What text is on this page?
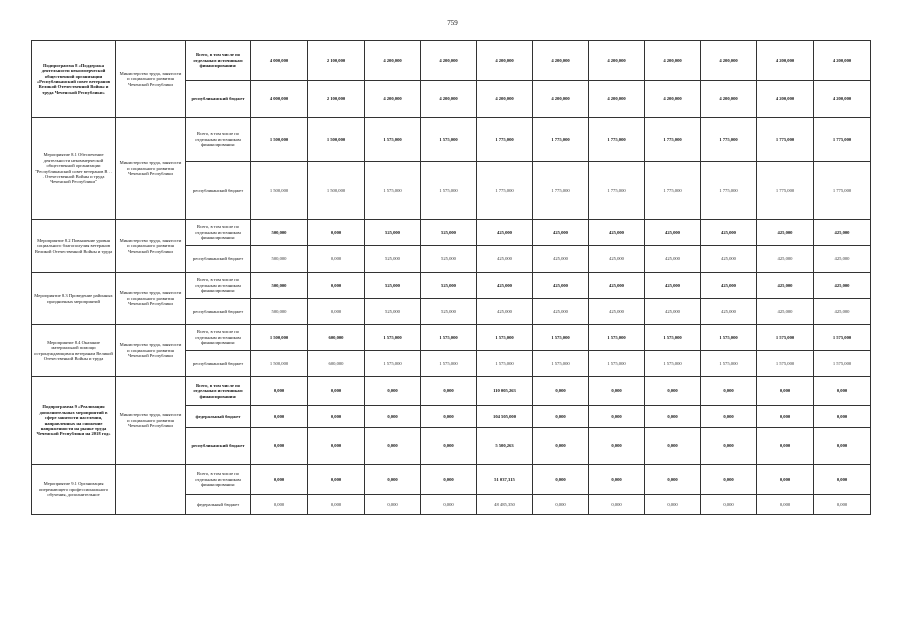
759
Подпрограмма 8 «Поддержка деятельности некоммерческой общественной организации «Республиканский совет ветеранов Великой Отечественной Войны и труда Чеченской Республики»	Министерство труда, занятости и социального развития Чеченской Республики	Всего, в том числе по отдельным источникам финансирования:	4 000,000	2 100,000	4 200,000	4 200,000	4 200,000	4 200,000	4 200,000	4 200,000	4 200,000	4 200,000	4 200,000
		республиканский бюджет	4 000,000	2 100,000	4 200,000	4 200,000	4 200,000	4 200,000	4 200,000	4 200,000	4 200,000	4 200,000	4 200,000
Мероприятие 8.1 Обеспечение деятельности некоммерческой общественной организации "Республиканский совет ветеранов В . . . Отечественной Войны и труда Чеченской Республики"	Министерство труда, занятости и социального развития Чеченской Республики	Всего, в том числе по отдельным источникам финансирования:	1 500,000	1 500,000	1 575,000	1 575,000	1 775,000	1 775,000	1 775,000	1 775,000	1 775,000	1 775,000	1 775,000
		республиканский бюджет	1 500,000	1 500,000	1 575,000	1 575,000	1 775,000	1 775,000	1 775,000	1 775,000	1 775,000	1 775,000	1 775,000
Мероприятие 8.2 Повышение уровня социального благополучия ветеранов Великой Отечественной Войны и труда	Министерство труда, занятости и социального развития Чеченской Республики	Всего, в том числе по отдельным источникам финансирования:	500,000	0,000	525,000	525,000	425,000	425,000	425,000	425,000	425,000	425,000	425,000
		республиканский бюджет	500,000	0,000	525,000	525,000	425,000	425,000	425,000	425,000	425,000	425,000	425,000
Мероприятие 8.3 Проведение районных праздничных мероприятий	Министерство труда, занятости и социального развития Чеченской Республики	Всего, в том числе по отдельным источникам финансирования:	500,000	0,000	525,000	525,000	425,000	425,000	425,000	425,000	425,000	425,000	425,000
		республиканский бюджет	500,000	0,000	525,000	525,000	425,000	425,000	425,000	425,000	425,000	425,000	425,000
Мероприятие 8.4 Оказание материальной помощи остронуждающимся ветеранам Великой Отечественной Войны и труда	Министерство труда, занятости и социального развития Чеченской Республики	Всего, в том числе по отдельным источникам финансирования:	1 500,000	600,000	1 575,000	1 575,000	1 575,000	1 575,000	1 575,000	1 575,000	1 575,000	1 575,000	1 575,000
		республиканский бюджет	1 500,000	600,000	1 575,000	1 575,000	1 575,000	1 575,000	1 575,000	1 575,000	1 575,000	1 575,000	1 575,000
Подпрограмма 9 «Реализация дополнительных мероприятий в сфере занятости населения, направленных на снижение напряженности на рынке труда Чеченской Республики на 2018 год»	Министерство труда, занятости и социального развития Чеченской Республики	Всего, в том числе по отдельным источникам финансирования:	0,000	0,000	0,000	0,000	110 005,263	0,000	0,000	0,000	0,000	0,000	0,000
		федеральный бюджет	0,000	0,000	0,000	0,000	104 505,000	0,000	0,000	0,000	0,000	0,000	0,000
		республиканский бюджет	0,000	0,000	0,000	0,000	5 500,263	0,000	0,000	0,000	0,000	0,000	0,000
Мероприятие 9.1 Организация опережающего профессионального обучения, дополнительное		Всего, в том числе по отдельным источникам финансирования:	0,000	0,000	0,000	0,000	51 037,315	0,000	0,000	0,000	0,000	0,000	0,000
		федеральный бюджет	0,000	0,000	0,000	0,000	48 485,350	0,000	0,000	0,000	0,000	0,000	0,000
